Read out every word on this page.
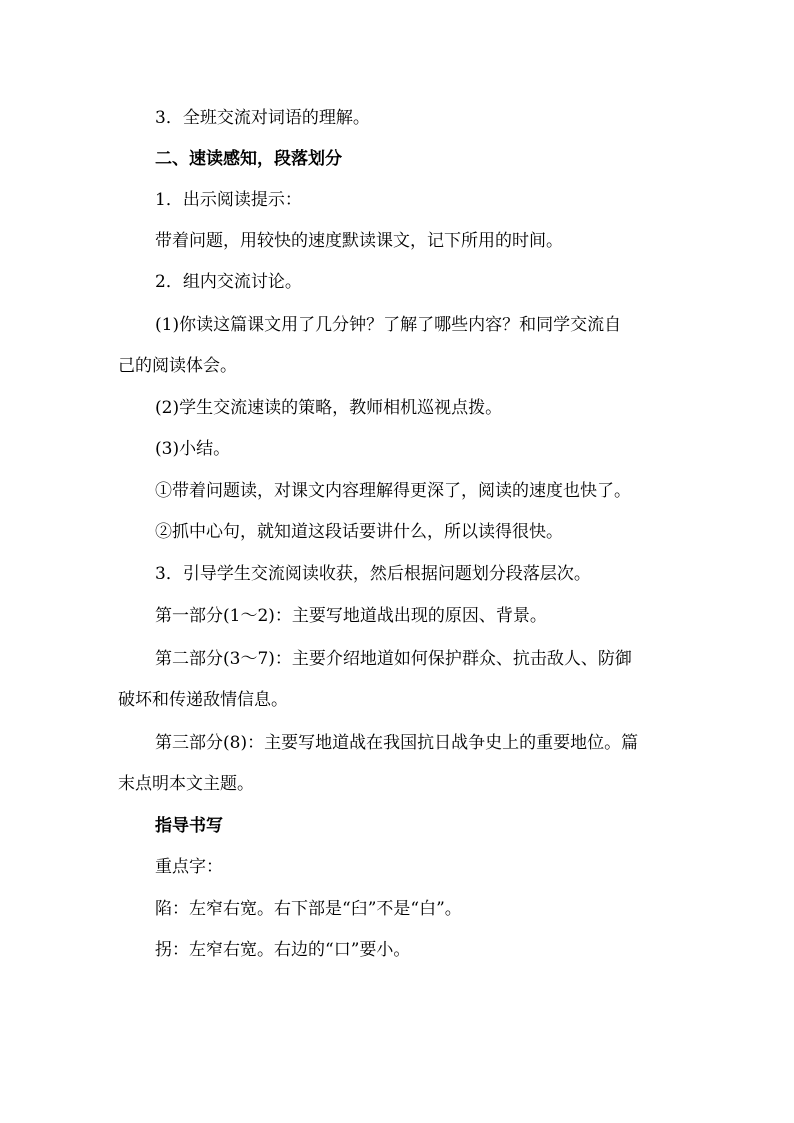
3．全班交流对词语的理解。
二、速读感知，段落划分
1．出示阅读提示：
带着问题，用较快的速度默读课文，记下所用的时间。
2．组内交流讨论。
(1)你读这篇课文用了几分钟？了解了哪些内容？和同学交流自
己的阅读体会。
(2)学生交流速读的策略，教师相机巡视点拨。
(3)小结。
①带着问题读，对课文内容理解得更深了，阅读的速度也快了。
②抓中心句，就知道这段话要讲什么，所以读得很快。
3．引导学生交流阅读收获，然后根据问题划分段落层次。
第一部分(1～2)：主要写地道战出现的原因、背景。
第二部分(3～7)：主要介绍地道如何保护群众、抗击敌人、防御
破坏和传递敌情信息。
第三部分(8)：主要写地道战在我国抗日战争史上的重要地位。篇
末点明本文主题。
指导书写
重点字：
陷：左窄右宽。右下部是“臼”不是“白”。
拐：左窄右宽。右边的“口”要小。
